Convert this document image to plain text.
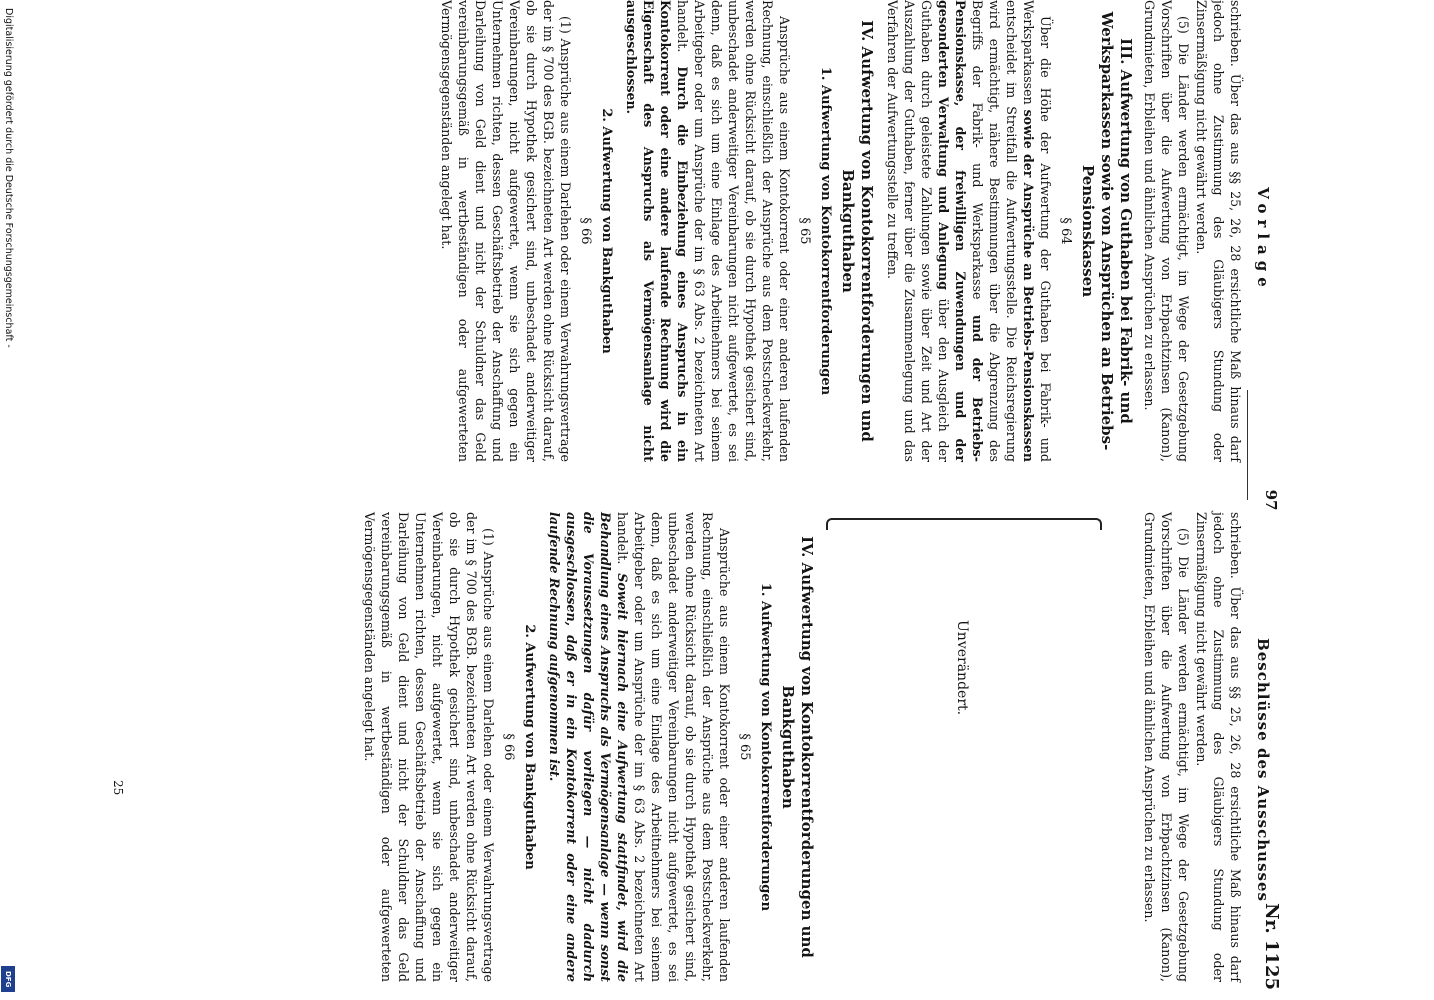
Digitalisierung gefördert durch die Deutsche Forschungsgemeinschaft -
DFG
Vorlage
97
Beschlüsse des Ausschusses
Nr. 1125

schrieben. Über das aus §§ 25, 26, 28 ersichtliche Maß hinaus darf jedoch ohne Zustimmung des Gläubigers Stundung oder Zinsermäßigung nicht gewährt werden.

(5) Die Länder werden ermächtigt, im Wege der Gesetzgebung Vorschriften über die Aufwertung von Erbpachtzinsen (Kanon), Grundmieten, Erbleihen und ähnlichen Ansprüchen zu erlassen.

III. Aufwertung von Guthaben bei Fabrik- und Werksparkassen sowie von Ansprüchen an Betriebs-Pensionskassen
§ 64

Über die Höhe der Aufwertung der Guthaben bei Fabrik- und Werksparkassen sowie der Ansprüche an Betriebs-Pensionskassen entscheidet im Streitfall die Aufwertungsstelle. Die Reichsregierung wird ermächtigt, nähere Bestimmungen über die Abgrenzung des Begriffs der Fabrik- und Werksparkasse und der Betriebs-Pensionskasse, der freiwilligen Zuwendungen und der gesonderten Verwaltung und Anlegung über den Ausgleich der Guthaben durch geleistete Zahlungen sowie über Zeit und Art der Auszahlung der Guthaben, ferner über die Zusammenlegung und das Verfahren der Aufwertungsstelle zu treffen.

IV. Aufwertung von Kontokorrentforderungen und Bankguthaben
1. Aufwertung von Kontokorrentforderungen
§ 65

Ansprüche aus einem Kontokorrent oder einer anderen laufenden Rechnung, einschließlich der Ansprüche aus dem Postscheckverkehr, werden ohne Rücksicht darauf, ob sie durch Hypothek gesichert sind, unbeschadet anderweitiger Vereinbarungen nicht aufgewertet, es sei denn, daß es sich um eine Einlage des Arbeitnehmers bei seinem Arbeitgeber oder um Ansprüche der im § 63 Abs. 2 bezeichneten Art handelt. Durch die Einbeziehung eines Anspruchs in ein Kontokorrent oder eine andere laufende Rechnung wird die Eigenschaft des Anspruchs als Vermögensanlage nicht ausgeschlossen.

2. Aufwertung von Bankguthaben
§ 66

(1) Ansprüche aus einem Darlehen oder einem Verwahrungsvertrage der im § 700 des BGB. bezeichneten Art werden ohne Rücksicht darauf, ob sie durch Hypothek gesichert sind, unbeschadet anderweitiger Vereinbarungen, nicht aufgewertet, wenn sie sich gegen ein Unternehmen richten, dessen Geschäftsbetrieb der Anschaffung und Darleihung von Geld dient und nicht der Schuldner das Geld vereinbarungsgemäß in wertbeständigen oder aufgewerteten Vermögensgegenständen angelegt hat.

schrieben. Über das aus §§ 25, 26, 28 ersichtliche Maß hinaus darf jedoch ohne Zustimmung des Gläubigers Stundung oder Zinsermäßigung nicht gewährt werden.

(5) Die Länder werden ermächtigt, im Wege der Gesetzgebung Vorschriften über die Aufwertung von Erbpachtzinsen (Kanon), Grundmieten, Erbleihen und ähnlichen Ansprüchen zu erlassen.

Unverändert.
IV. Aufwertung von Kontokorrentforderungen und Bankguthaben
1. Aufwertung von Kontokorrentforderungen
§ 65

Ansprüche aus einem Kontokorrent oder einer anderen laufenden Rechnung, einschließlich der Ansprüche aus dem Postscheckverkehr, werden ohne Rücksicht darauf, ob sie durch Hypothek gesichert sind, unbeschadet anderweitiger Vereinbarungen nicht aufgewertet, es sei denn, daß es sich um eine Einlage des Arbeitnehmers bei seinem Arbeitgeber oder um Ansprüche der im § 63 Abs. 2 bezeichneten Art handelt. Soweit hiernach eine Aufwertung stattfindet, wird die Behandlung eines Anspruchs als Vermögensanlage — wenn sonst die Voraussetzungen dafür vorliegen — nicht dadurch ausgeschlossen, daß er in ein Kontokorrent oder eine andere laufende Rechnung aufgenommen ist.

2. Aufwertung von Bankguthaben
§ 66

(1) Ansprüche aus einem Darlehen oder einem Verwahrungsvertrage der im § 700 des BGB. bezeichneten Art werden ohne Rücksicht darauf, ob sie durch Hypothek gesichert sind, unbeschadet anderweitiger Vereinbarungen, nicht aufgewertet, wenn sie sich gegen ein Unternehmen richten, dessen Geschäftsbetrieb der Anschaffung und Darleihung von Geld dient und nicht der Schuldner das Geld vereinbarungsgemäß in wertbeständigen oder aufgewerteten Vermögensgegenständen angelegt hat.

25
